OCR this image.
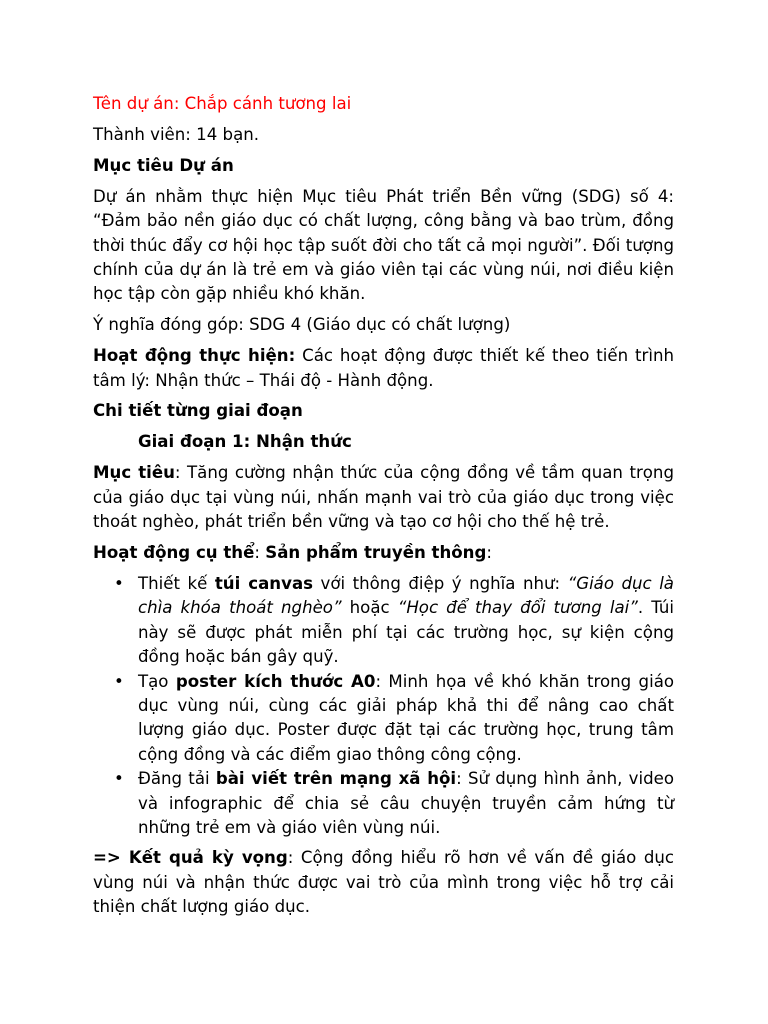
Tên dự án: Chắp cánh tương lai

Thành viên: 14 bạn.

Mục tiêu Dự án

Dự án nhằm thực hiện Mục tiêu Phát triển Bền vững (SDG) số 4: “Đảm bảo nền giáo dục có chất lượng, công bằng và bao trùm, đồng thời thúc đẩy cơ hội học tập suốt đời cho tất cả mọi người”. Đối tượng chính của dự án là trẻ em và giáo viên tại các vùng núi, nơi điều kiện học tập còn gặp nhiều khó khăn.

Ý nghĩa đóng góp: SDG 4 (Giáo dục có chất lượng)

Hoạt động thực hiện: Các hoạt động được thiết kế theo tiến trình tâm lý: Nhận thức – Thái độ - Hành động.

Chi tiết từng giai đoạn

Giai đoạn 1: Nhận thức

Mục tiêu: Tăng cường nhận thức của cộng đồng về tầm quan trọng của giáo dục tại vùng núi, nhấn mạnh vai trò của giáo dục trong việc thoát nghèo, phát triển bền vững và tạo cơ hội cho thế hệ trẻ.

Hoạt động cụ thể: Sản phẩm truyền thông:

• Thiết kế túi canvas với thông điệp ý nghĩa như: “Giáo dục là chìa khóa thoát nghèo” hoặc “Học để thay đổi tương lai”. Túi này sẽ được phát miễn phí tại các trường học, sự kiện cộng đồng hoặc bán gây quỹ.
• Tạo poster kích thước A0: Minh họa về khó khăn trong giáo dục vùng núi, cùng các giải pháp khả thi để nâng cao chất lượng giáo dục. Poster được đặt tại các trường học, trung tâm cộng đồng và các điểm giao thông công cộng.
• Đăng tải bài viết trên mạng xã hội: Sử dụng hình ảnh, video và infographic để chia sẻ câu chuyện truyền cảm hứng từ những trẻ em và giáo viên vùng núi.

=> Kết quả kỳ vọng: Cộng đồng hiểu rõ hơn về vấn đề giáo dục vùng núi và nhận thức được vai trò của mình trong việc hỗ trợ cải thiện chất lượng giáo dục.
